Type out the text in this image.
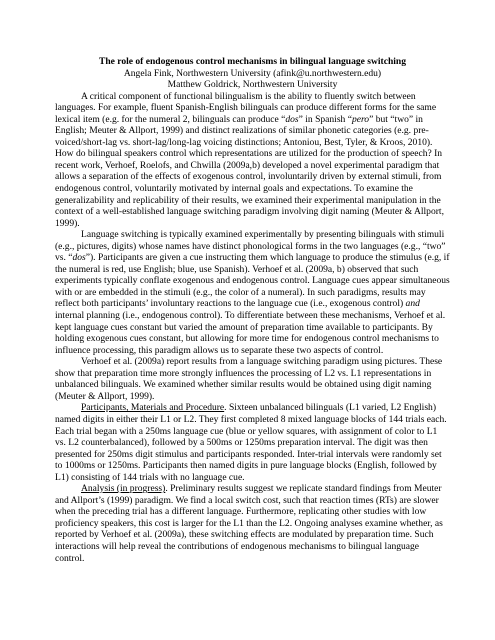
The role of endogenous control mechanisms in bilingual language switching
Angela Fink, Northwestern University (afink@u.northwestern.edu)
Matthew Goldrick, Northwestern University

A critical component of functional bilingualism is the ability to fluently switch between languages. For example, fluent Spanish-English bilinguals can produce different forms for the same lexical item (e.g. for the numeral 2, bilinguals can produce “dos” in Spanish “pero” but “two” in English; Meuter & Allport, 1999) and distinct realizations of similar phonetic categories (e.g. pre-voiced/short-lag vs. short-lag/long-lag voicing distinctions; Antoniou, Best, Tyler, & Kroos, 2010). How do bilingual speakers control which representations are utilized for the production of speech? In recent work, Verhoef, Roelofs, and Chwilla (2009a,b) developed a novel experimental paradigm that allows a separation of the effects of exogenous control, involuntarily driven by external stimuli, from endogenous control, voluntarily motivated by internal goals and expectations. To examine the generalizability and replicability of their results, we examined their experimental manipulation in the context of a well-established language switching paradigm involving digit naming (Meuter & Allport, 1999).

Language switching is typically examined experimentally by presenting bilinguals with stimuli (e.g., pictures, digits) whose names have distinct phonological forms in the two languages (e.g., “two” vs. “dos”). Participants are given a cue instructing them which language to produce the stimulus (e.g, if the numeral is red, use English; blue, use Spanish). Verhoef et al. (2009a, b) observed that such experiments typically conflate exogenous and endogenous control. Language cues appear simultaneous with or are embedded in the stimuli (e.g., the color of a numeral). In such paradigms, results may reflect both participants’ involuntary reactions to the language cue (i.e., exogenous control) and internal planning (i.e., endogenous control). To differentiate between these mechanisms, Verhoef et al. kept language cues constant but varied the amount of preparation time available to participants. By holding exogenous cues constant, but allowing for more time for endogenous control mechanisms to influence processing, this paradigm allows us to separate these two aspects of control.

Verhoef et al. (2009a) report results from a language switching paradigm using pictures. These show that preparation time more strongly influences the processing of L2 vs. L1 representations in unbalanced bilinguals. We examined whether similar results would be obtained using digit naming (Meuter & Allport, 1999).

Participants, Materials and Procedure. Sixteen unbalanced bilinguals (L1 varied, L2 English) named digits in either their L1 or L2. They first completed 8 mixed language blocks of 144 trials each. Each trial began with a 250ms language cue (blue or yellow squares, with assignment of color to L1 vs. L2 counterbalanced), followed by a 500ms or 1250ms preparation interval. The digit was then presented for 250ms digit stimulus and participants responded. Inter-trial intervals were randomly set to 1000ms or 1250ms. Participants then named digits in pure language blocks (English, followed by L1) consisting of 144 trials with no language cue.

Analysis (in progress). Preliminary results suggest we replicate standard findings from Meuter and Allport’s (1999) paradigm. We find a local switch cost, such that reaction times (RTs) are slower when the preceding trial has a different language. Furthermore, replicating other studies with low proficiency speakers, this cost is larger for the L1 than the L2. Ongoing analyses examine whether, as reported by Verhoef et al. (2009a), these switching effects are modulated by preparation time. Such interactions will help reveal the contributions of endogenous mechanisms to bilingual language control.
